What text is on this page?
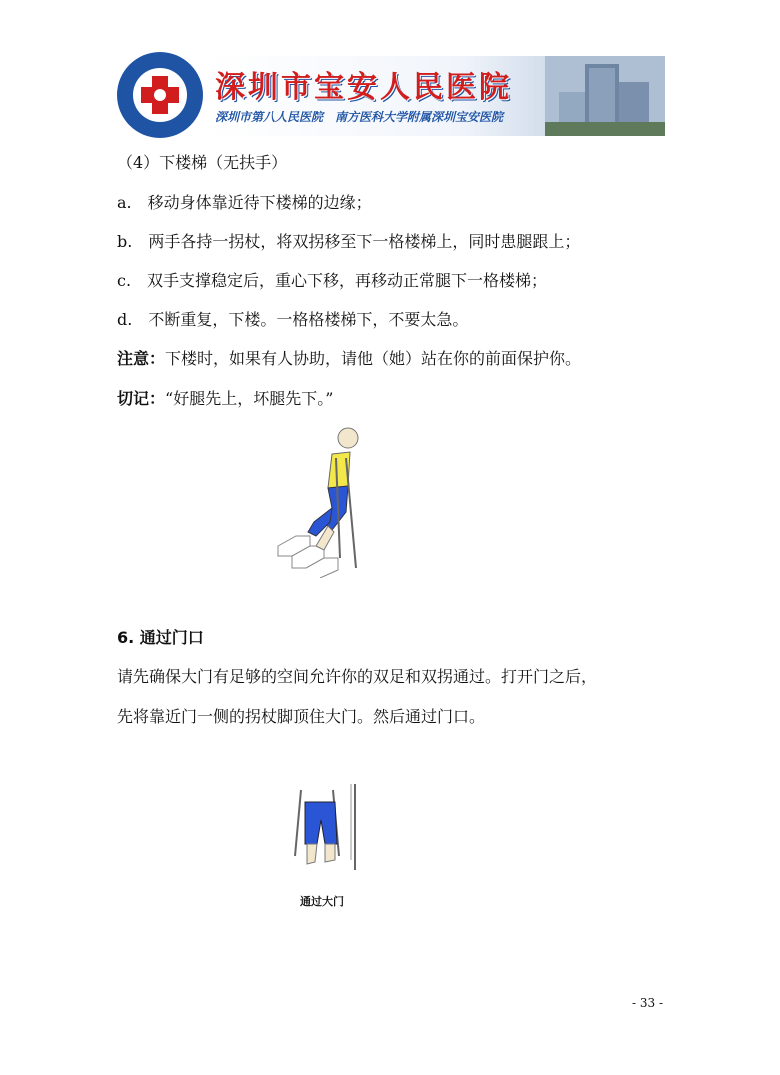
深圳市宝安人民医院
深圳市第八人民医院　南方医科大学附属深圳宝安医院
（4）下楼梯（无扶手）
a.　移动身体靠近待下楼梯的边缘；
b.　两手各持一拐杖，将双拐移至下一格楼梯上，同时患腿跟上；
c.　双手支撑稳定后，重心下移，再移动正常腿下一格楼梯；
d.　不断重复，下楼。一格格楼梯下，不要太急。
注意：下楼时，如果有人协助，请他（她）站在你的前面保护你。
切记：“好腿先上，坏腿先下。”
6. 通过门口
请先确保大门有足够的空间允许你的双足和双拐通过。打开门之后，
先将靠近门一侧的拐杖脚顶住大门。然后通过门口。
通过大门
- 33 -
